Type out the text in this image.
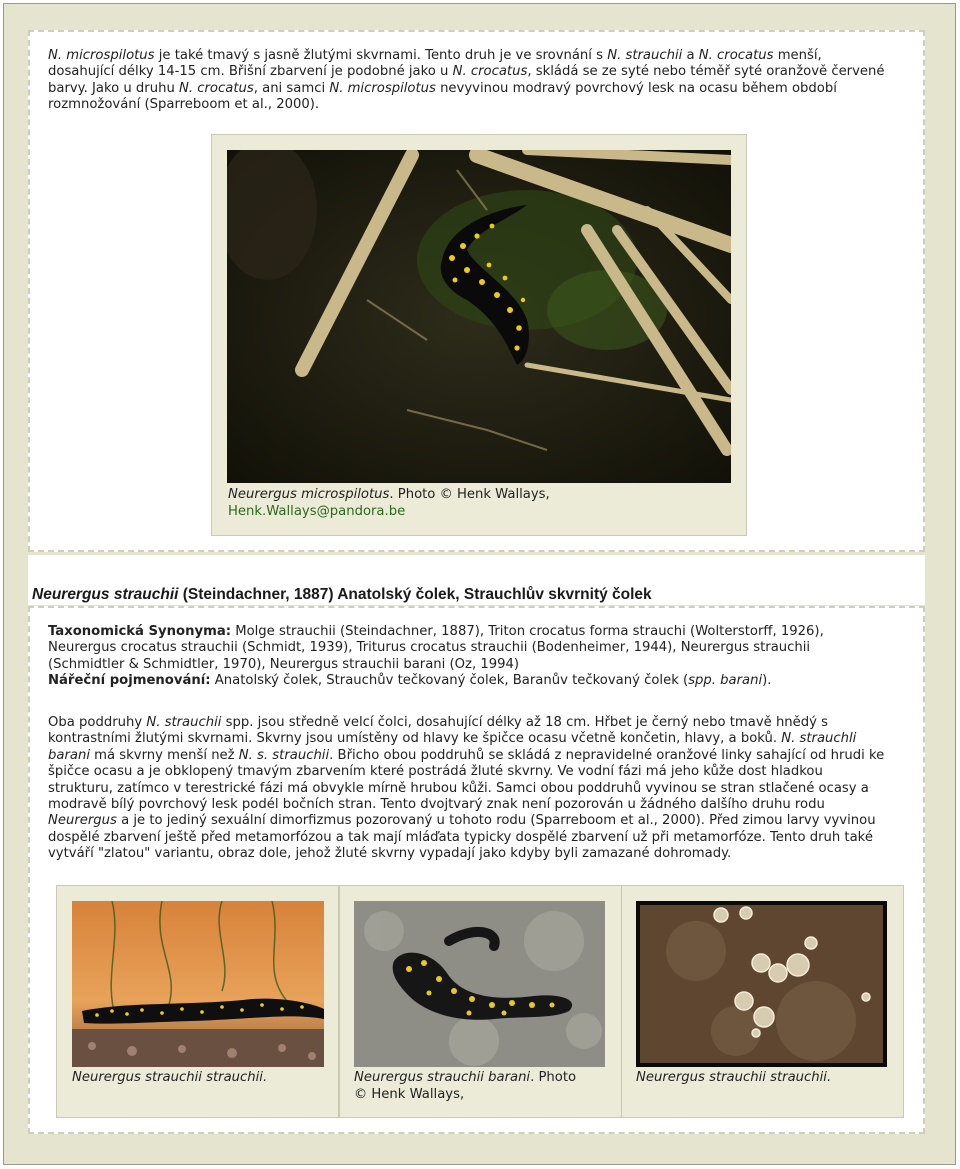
N. microspilotus je také tmavý s jasně žlutými skvrnami. Tento druh je ve srovnání s N. strauchii a N. crocatus menší,
dosahující délky 14-15 cm. Břišní zbarvení je podobné jako u N. crocatus, skládá se ze syté nebo téměř syté oranžově červené
barvy. Jako u druhu N. crocatus, ani samci N. microspilotus nevyvinou modravý povrchový lesk na ocasu během období
rozmnožování (Sparreboom et al., 2000).
Neurergus microspilotus. Photo © Henk Wallays,
Henk.Wallays@pandora.be
Neurergus strauchii (Steindachner, 1887) Anatolský čolek, Strauchlův skvrnitý čolek
Taxonomická Synonyma: Molge strauchii (Steindachner, 1887), Triton crocatus forma strauchi (Wolterstorff, 1926),
Neurergus crocatus strauchii (Schmidt, 1939), Triturus crocatus strauchii (Bodenheimer, 1944), Neurergus strauchii
(Schmidtler & Schmidtler, 1970), Neurergus strauchii barani (Oz, 1994)
Nářeční pojmenování: Anatolský čolek, Strauchův tečkovaný čolek, Baranův tečkovaný čolek (spp. barani).
Oba poddruhy N. strauchii spp. jsou středně velcí čolci, dosahující délky až 18 cm. Hřbet je černý nebo tmavě hnědý s
kontrastními žlutými skvrnami. Skvrny jsou umístěny od hlavy ke špičce ocasu včetně končetin, hlavy, a boků. N. strauchli
barani má skvrny menší než N. s. strauchii. Břicho obou poddruhů se skládá z nepravidelné oranžové linky sahající od hrudi ke
špičce ocasu a je obklopený tmavým zbarvením které postrádá žluté skvrny. Ve vodní fázi má jeho kůže dost hladkou
strukturu, zatímco v terestrické fázi má obvykle mírně hrubou kůži. Samci obou poddruhů vyvinou se stran stlačené ocasy a
modravě bílý povrchový lesk podél bočních stran. Tento dvojtvarý znak není pozorován u žádného dalšího druhu rodu
Neurergus a je to jediný sexuální dimorfizmus pozorovaný u tohoto rodu (Sparreboom et al., 2000). Před zimou larvy vyvinou
dospělé zbarvení ještě před metamorfózou a tak mají mláďata typicky dospělé zbarvení už při metamorfóze. Tento druh také
vytváří "zlatou" variantu, obraz dole, jehož žluté skvrny vypadají jako kdyby byli zamazané dohromady.
Neurergus strauchii strauchii.	Neurergus strauchii barani. Photo
© Henk Wallays,
Neurergus strauchii strauchii.
